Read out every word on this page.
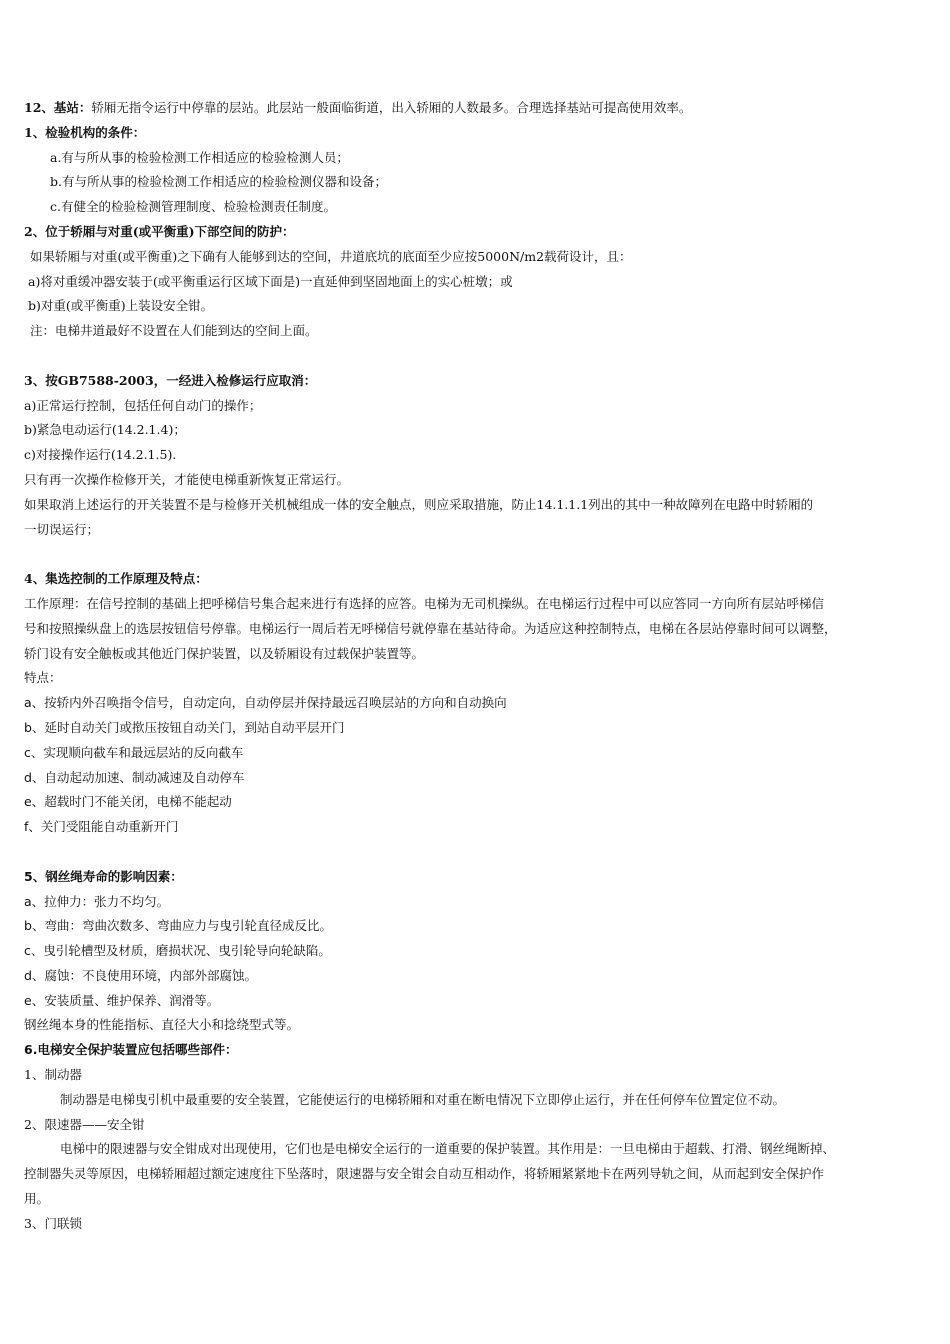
12、基站：轿厢无指令运行中停靠的层站。此层站一般面临街道，出入轿厢的人数最多。合理选择基站可提高使用效率。
1、检验机构的条件：
a.有与所从事的检验检测工作相适应的检验检测人员；
b.有与所从事的检验检测工作相适应的检验检测仪器和设备；
c.有健全的检验检测管理制度、检验检测责任制度。
2、位于轿厢与对重(或平衡重)下部空间的防护：
如果轿厢与对重(或平衡重)之下确有人能够到达的空间，井道底坑的底面至少应按5000N/m2载荷设计，且：
a)将对重缓冲器安装于(或平衡重运行区域下面是)一直延伸到坚固地面上的实心桩墩；或
b)对重(或平衡重)上装设安全钳。
注：电梯井道最好不设置在人们能到达的空间上面。
3、按GB7588-2003，一经进入检修运行应取消：
a)正常运行控制，包括任何自动门的操作；
b)紧急电动运行(14.2.1.4)；
c)对接操作运行(14.2.1.5).
只有再一次操作检修开关，才能使电梯重新恢复正常运行。
如果取消上述运行的开关装置不是与检修开关机械组成一体的安全触点，则应采取措施，防止14.1.1.1列出的其中一种故障列在电路中时轿厢的
一切误运行；
4、集选控制的工作原理及特点：
工作原理：在信号控制的基础上把呼梯信号集合起来进行有选择的应答。电梯为无司机操纵。在电梯运行过程中可以应答同一方向所有层站呼梯信
号和按照操纵盘上的选层按钮信号停靠。电梯运行一周后若无呼梯信号就停靠在基站待命。为适应这种控制特点，电梯在各层站停靠时间可以调整，
轿门设有安全触板或其他近门保护装置，以及轿厢设有过载保护装置等。
特点：
a、按轿内外召唤指令信号，自动定向，自动停层并保持最远召唤层站的方向和自动换向
b、延时自动关门或揿压按钮自动关门，到站自动平层开门
c、实现顺向截车和最远层站的反向截车
d、自动起动加速、制动减速及自动停车
e、超载时门不能关闭，电梯不能起动
f、关门受阻能自动重新开门
5、钢丝绳寿命的影响因素：
a、拉伸力：张力不均匀。
b、弯曲：弯曲次数多、弯曲应力与曳引轮直径成反比。
c、曳引轮槽型及材质，磨损状况、曳引轮导向轮缺陷。
d、腐蚀：不良使用环境，内部外部腐蚀。
e、安装质量、维护保养、润滑等。
钢丝绳本身的性能指标、直径大小和捻绕型式等。
6.电梯安全保护装置应包括哪些部件：
1、制动器
制动器是电梯曳引机中最重要的安全装置，它能使运行的电梯轿厢和对重在断电情况下立即停止运行，并在任何停车位置定位不动。
2、限速器——安全钳
电梯中的限速器与安全钳成对出现使用，它们也是电梯安全运行的一道重要的保护装置。其作用是：一旦电梯由于超载、打滑、钢丝绳断掉、
控制器失灵等原因，电梯轿厢超过额定速度往下坠落时，限速器与安全钳会自动互相动作，将轿厢紧紧地卡在两列导轨之间，从而起到安全保护作
用。
3、门联锁
